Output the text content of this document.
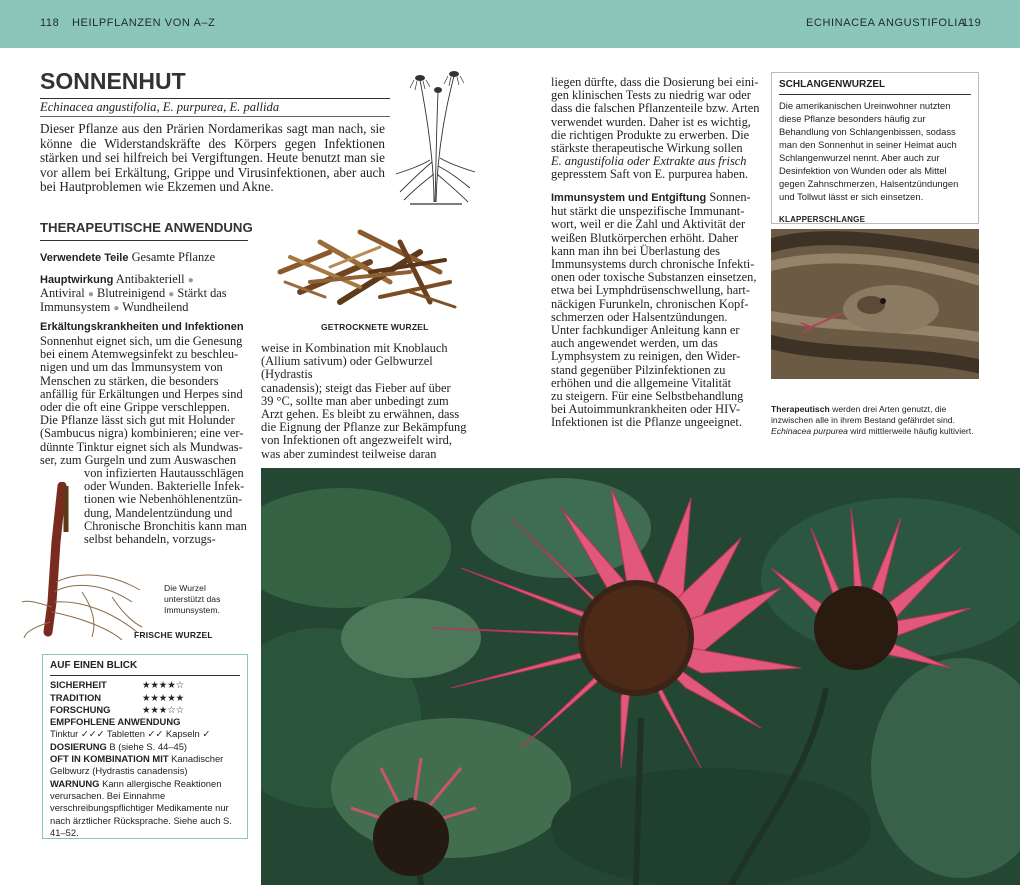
118 HEILPFLANZEN VON A–Z	ECHINACEA ANGUSTIFOLIA
119
SONNENHUT
Echinacea angustifolia, E. purpurea, E. pallida
Dieser Pflanze aus den Prärien Nordamerikas sagt man nach, sie könne die Widerstandskräfte des Körpers gegen Infektionen stärken und sei hilfreich bei Vergiftungen. Heute benutzt man sie vor allem bei Erkältung, Grippe und Virusinfektionen, aber auch bei Hautproblemen wie Ekzemen und Akne.
THERAPEUTISCHE ANWENDUNG
Verwendete Teile Gesamte Pflanze
Hauptwirkung Antibakteriell ●
Antiviral ● Blutreinigend ● Stärkt das Immunsystem ● Wundheilend
Erkältungskrankheiten und Infektionen
Sonnenhut eignet sich, um die Genesung
bei einem Atemwegsinfekt zu beschleu-
nigen und um das Immunsystem von
Menschen zu stärken, die besonders
anfällig für Erkältungen und Herpes sind
oder die oft eine Grippe verschleppen.
Die Pflanze lässt sich gut mit Holunder
(Sambucus nigra) kombinieren; eine ver-
dünnte Tinktur eignet sich als Mundwas-
ser, zum Gurgeln und zum Auswaschen
von infizierten Hautausschlägen
oder Wunden. Bakterielle Infek-
tionen wie Nebenhöhlenentzün-
dung, Mandelentzündung und
Chronische Bronchitis kann man
selbst behandeln, vorzugs-
GETROCKNETE WURZEL
weise in Kombination mit Knoblauch
(Allium sativum) oder Gelbwurzel (Hydrastis
canadensis); steigt das Fieber auf über
39 °C, sollte man aber unbedingt zum
Arzt gehen. Es bleibt zu erwähnen, dass
die Eignung der Pflanze zur Bekämpfung
von Infektionen oft angezweifelt wird,
was aber zumindest teilweise daran
Die Wurzel unterstützt das Immunsystem.
FRISCHE WURZEL
AUF EINEN BLICK
SICHERHEIT	★★★★☆
TRADITION	★★★★★
FORSCHUNG	★★★☆☆
EMPFOHLENE ANWENDUNG
Tinktur ✓✓✓ Tabletten ✓✓ Kapseln ✓
DOSIERUNG B (siehe S. 44–45)
OFT IN KOMBINATION MIT Kanadischer Gelbwurz (Hydrastis canadensis)
WARNUNG Kann allergische Reaktionen verursachen. Bei Einnahme verschreibungspflichtiger Medikamente nur nach ärztlicher Rücksprache. Siehe auch S. 41–52.
liegen dürfte, dass die Dosierung bei eini-
gen klinischen Tests zu niedrig war oder
dass die falschen Pflanzenteile bzw. Arten
verwendet wurden. Daher ist es wichtig,
die richtigen Produkte zu erwerben. Die
stärkste therapeutische Wirkung sollen
E. angustifolia oder Extrakte aus frisch
gepresstem Saft von E. purpurea haben.
Immunsystem und Entgiftung Sonnen-
hut stärkt die unspezifische Immunant-
wort, weil er die Zahl und Aktivität der
weißen Blutkörperchen erhöht. Daher
kann man ihn bei Überlastung des
Immunsystems durch chronische Infekti-
onen oder toxische Substanzen einsetzen,
etwa bei Lymphdrüsenschwellung, hart-
näckigen Furunkeln, chronischen Kopf-
schmerzen oder Halsentzündungen.
Unter fachkundiger Anleitung kann er
auch angewendet werden, um das
Lymphsystem zu reinigen, den Wider-
stand gegenüber Pilzinfektionen zu
erhöhen und die allgemeine Vitalität
zu steigern. Für eine Selbstbehandlung
bei Autoimmunkrankheiten oder HIV-
Infektionen ist die Pflanze ungeeignet.
SCHLANGENWURZEL
Die amerikanischen Ureinwohner nutzten diese Pflanze besonders häufig zur Behandlung von Schlangenbissen, sodass man den Sonnenhut in seiner Heimat auch Schlangenwurzel nennt. Aber auch zur Desinfektion von Wunden oder als Mittel gegen Zahnschmerzen, Halsentzündungen und Tollwut lässt er sich einsetzen.
KLAPPERSCHLANGE
Therapeutisch werden drei Arten genutzt, die inzwischen alle in ihrem Bestand gefährdet sind. Echinacea purpurea wird mittlerweile häufig kultiviert.
